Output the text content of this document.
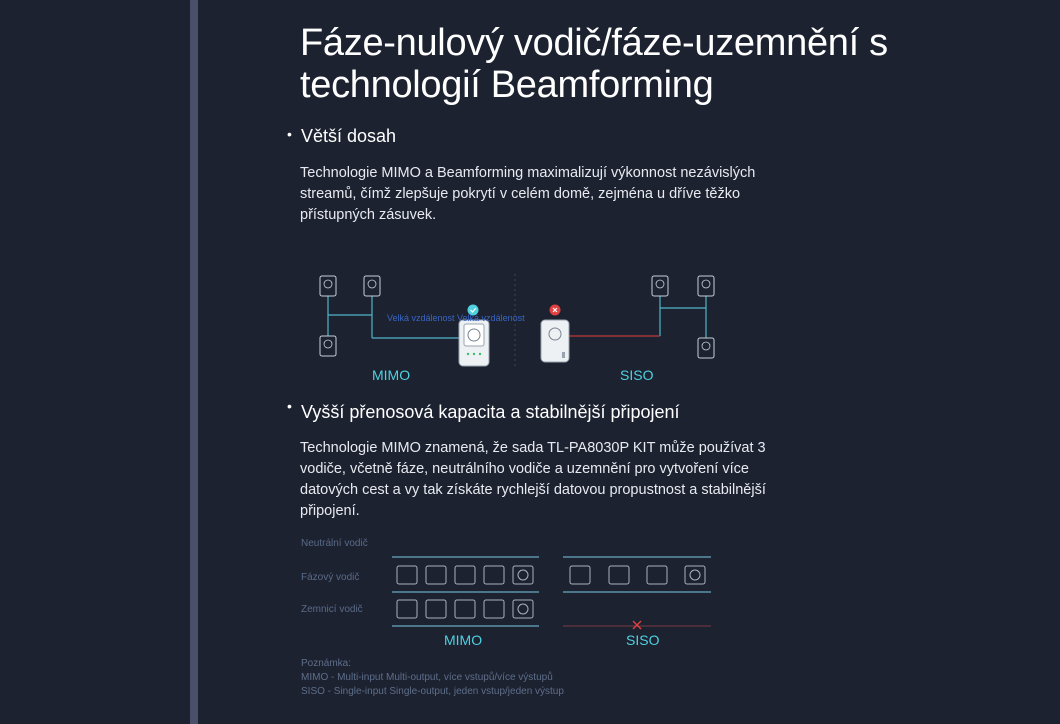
Fáze-nulový vodič/fáze-uzemnění s technologií Beamforming
• Větší dosah
Technologie MIMO a Beamforming maximalizují výkonnost nezávislých streamů, čímž zlepšuje pokrytí v celém domě, zejména u dříve těžko přístupných zásuvek.
Velká vzdálenost Velká vzdálenost
MIMO	SISO
• Vyšší přenosová kapacita a stabilnější připojení
Technologie MIMO znamená, že sada TL-PA8030P KIT může používat 3 vodiče, včetně fáze, neutrálního vodiče a uzemnění pro vytvoření více datových cest a vy tak získáte rychlejší datovou propustnost a stabilnější připojení.
Neutrální vodič
Fázový vodič
Zemnicí vodič
MIMO	SISO
Poznámka:
MIMO - Multi-input Multi-output, více vstupů/více výstupů
SISO - Single-input Single-output, jeden vstup/jeden výstup
